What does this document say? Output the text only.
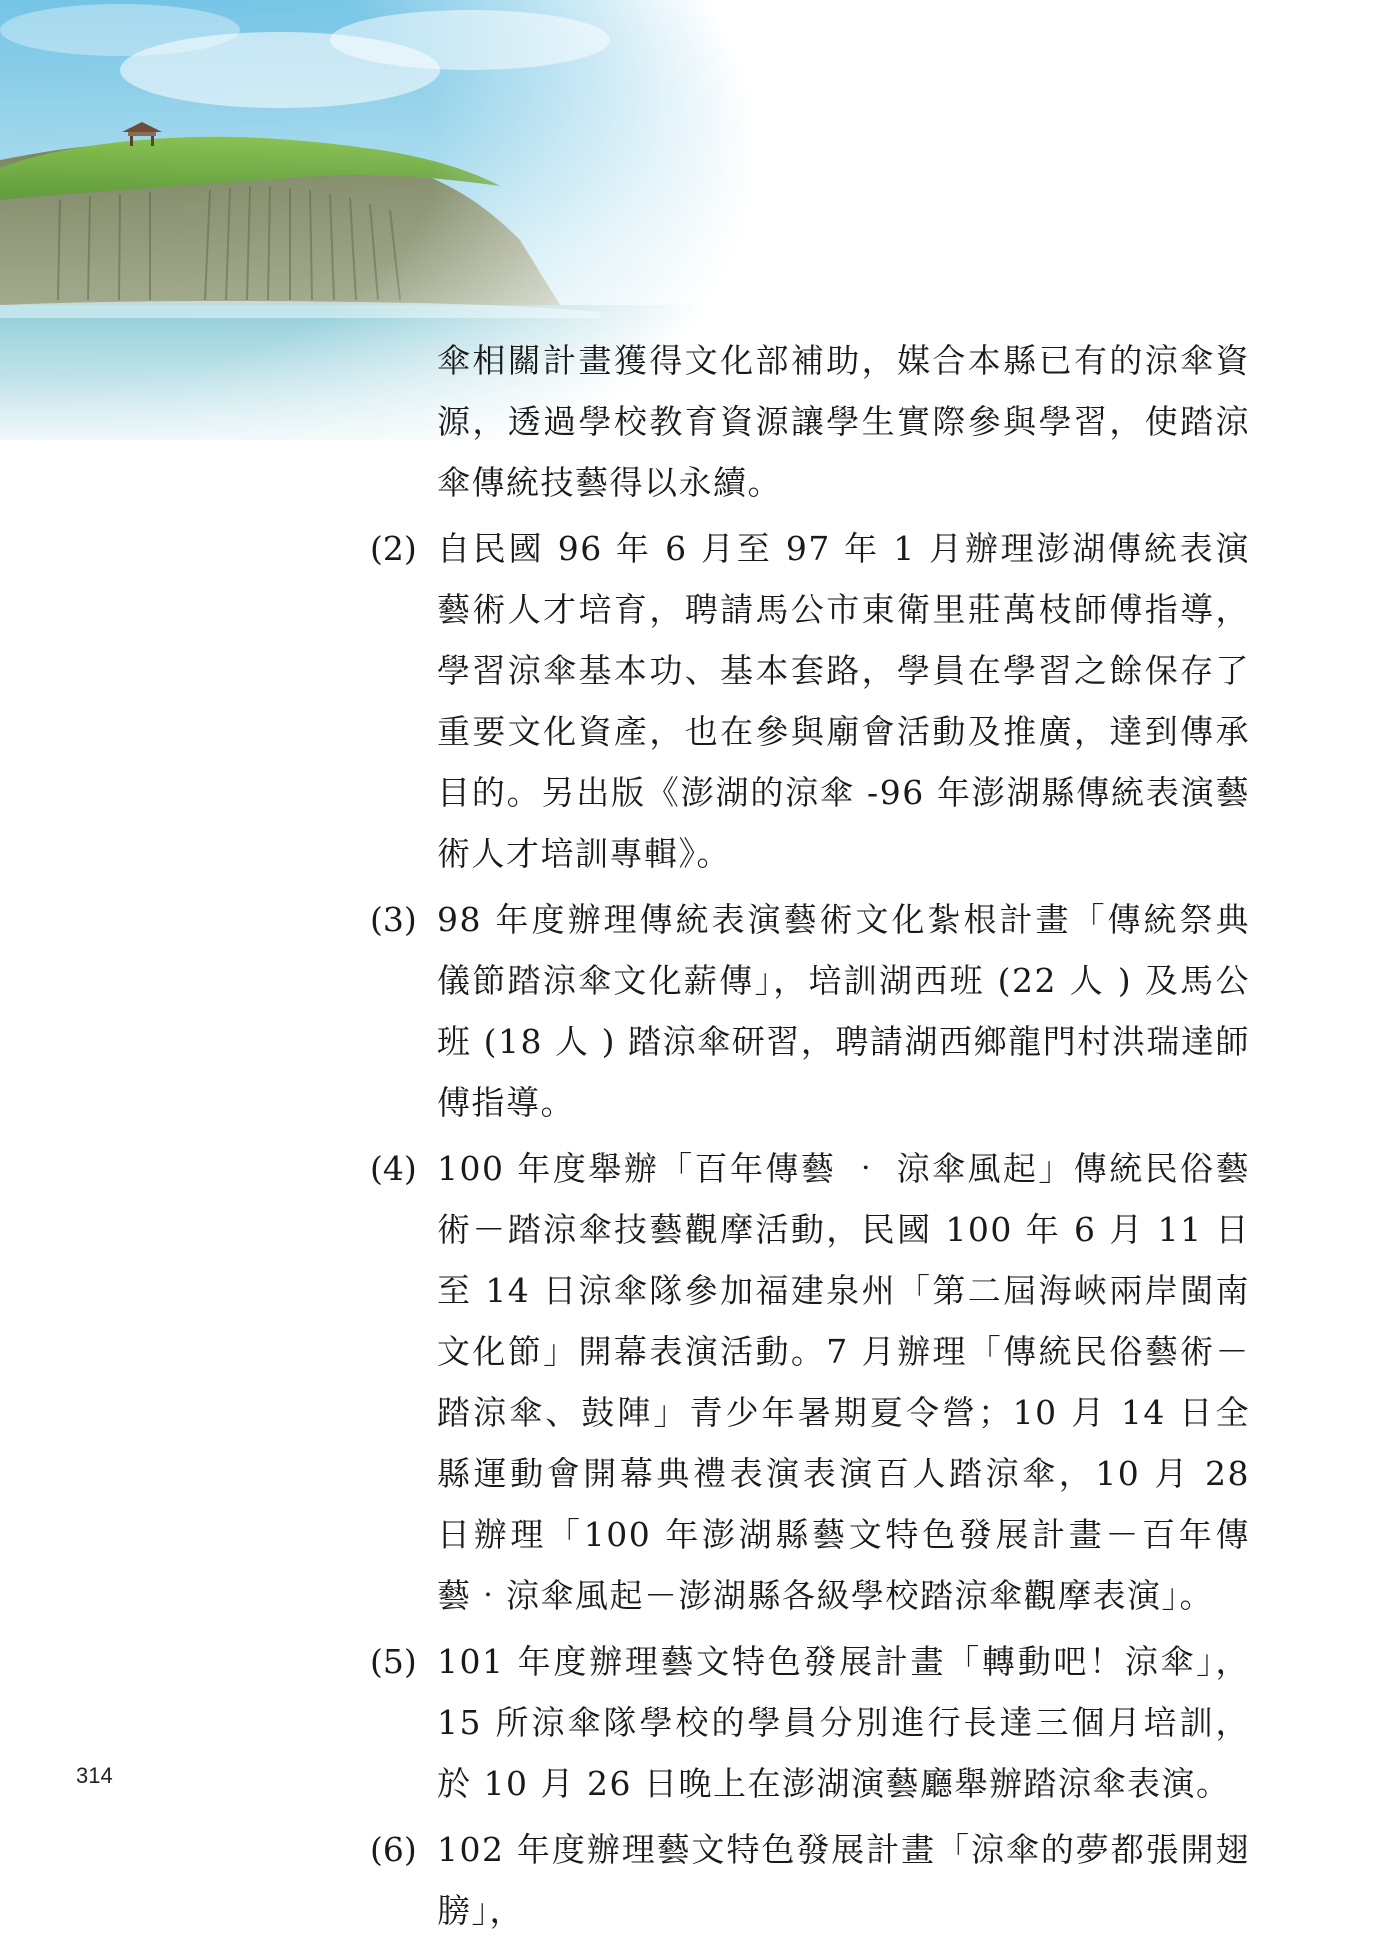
傘相關計畫獲得文化部補助，媒合本縣已有的涼傘資源，透過學校教育資源讓學生實際參與學習，使踏涼傘傳統技藝得以永續。

(2) 自民國 96 年 6 月至 97 年 1 月辦理澎湖傳統表演藝術人才培育，聘請馬公市東衛里莊萬枝師傅指導，學習涼傘基本功、基本套路，學員在學習之餘保存了重要文化資產，也在參與廟會活動及推廣，達到傳承目的。另出版《澎湖的涼傘 -96 年澎湖縣傳統表演藝術人才培訓專輯》。

(3) 98 年度辦理傳統表演藝術文化紮根計畫「傳統祭典儀節踏涼傘文化薪傳」，培訓湖西班 (22 人 ) 及馬公班 (18 人 ) 踏涼傘研習，聘請湖西鄉龍門村洪瑞達師傅指導。

(4) 100 年度舉辦「百年傳藝 ‧ 涼傘風起」傳統民俗藝術－踏涼傘技藝觀摩活動，民國 100 年 6 月 11 日至 14 日涼傘隊參加福建泉州「第二屆海峽兩岸閩南文化節」開幕表演活動。7 月辦理「傳統民俗藝術－踏涼傘、鼓陣」青少年暑期夏令營；10 月 14 日全縣運動會開幕典禮表演表演百人踏涼傘，10 月 28 日辦理「100 年澎湖縣藝文特色發展計畫－百年傳藝‧涼傘風起－澎湖縣各級學校踏涼傘觀摩表演」。

(5) 101 年度辦理藝文特色發展計畫「轉動吧！涼傘」，15 所涼傘隊學校的學員分別進行長達三個月培訓，於 10 月 26 日晚上在澎湖演藝廳舉辦踏涼傘表演。

(6) 102 年度辦理藝文特色發展計畫「涼傘的夢都張開翅膀」，

314
